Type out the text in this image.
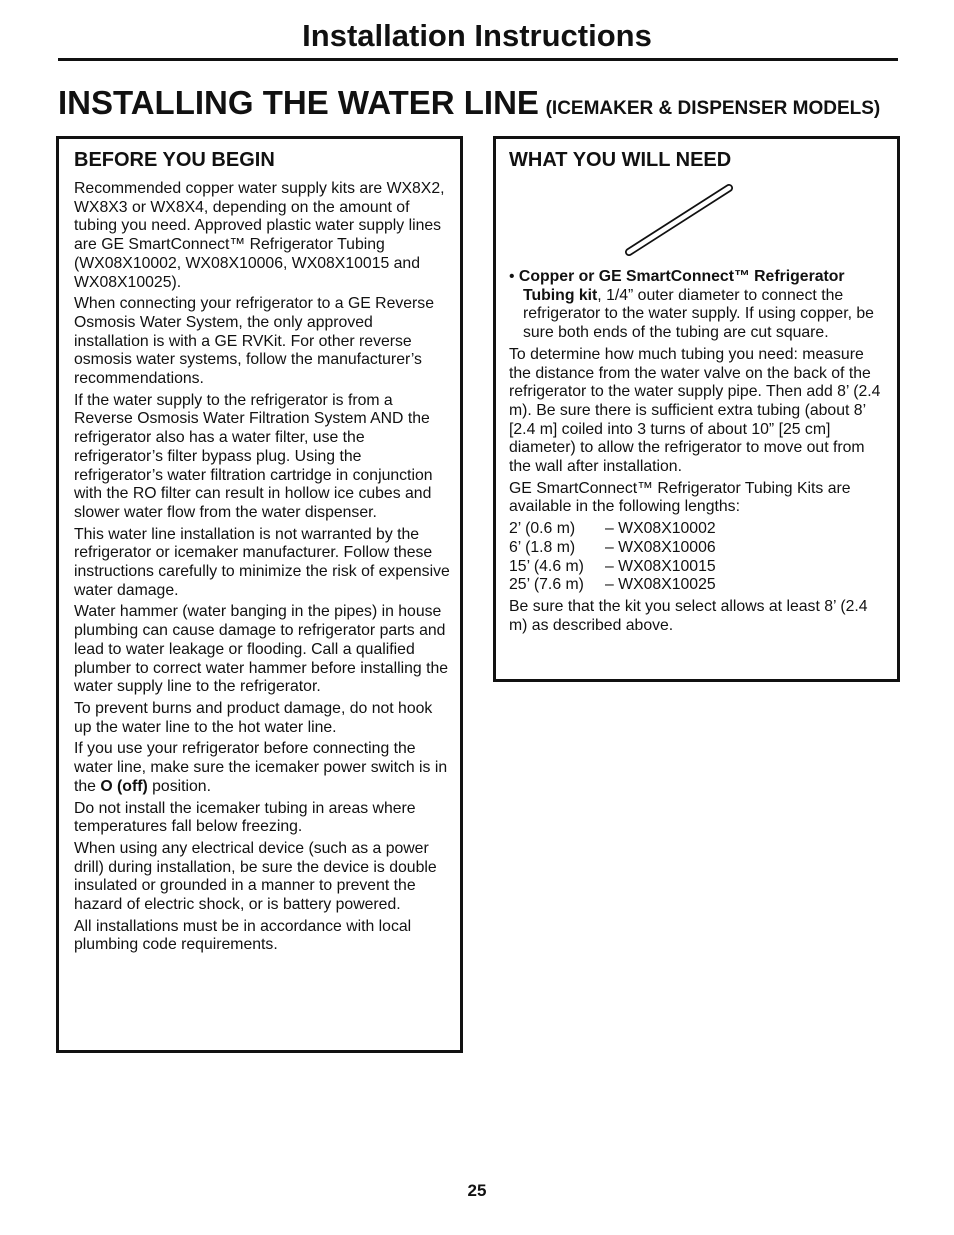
Installation Instructions
INSTALLING THE WATER LINE (ICEMAKER & DISPENSER MODELS)
BEFORE YOU BEGIN

Recommended copper water supply kits are WX8X2, WX8X3 or WX8X4, depending on the amount of tubing you need. Approved plastic water supply lines are GE SmartConnect™ Refrigerator Tubing (WX08X10002, WX08X10006, WX08X10015 and WX08X10025).

When connecting your refrigerator to a GE Reverse Osmosis Water System, the only approved installation is with a GE RVKit. For other reverse osmosis water systems, follow the manufacturer’s recommendations.

If the water supply to the refrigerator is from a Reverse Osmosis Water Filtration System AND the refrigerator also has a water filter, use the refrigerator’s filter bypass plug. Using the refrigerator’s water filtration cartridge in conjunction with the RO filter can result in hollow ice cubes and slower water flow from the water dispenser.

This water line installation is not warranted by the refrigerator or icemaker manufacturer. Follow these instructions carefully to minimize the risk of expensive water damage.

Water hammer (water banging in the pipes) in house plumbing can cause damage to refrigerator parts and lead to water leakage or flooding. Call a qualified plumber to correct water hammer before installing the water supply line to the refrigerator.

To prevent burns and product damage, do not hook up the water line to the hot water line.

If you use your refrigerator before connecting the water line, make sure the icemaker power switch is in the O (off) position.

Do not install the icemaker tubing in areas where temperatures fall below freezing.

When using any electrical device (such as a power drill) during installation, be sure the device is double insulated or grounded in a manner to prevent the hazard of electric shock, or is battery powered.

All installations must be in accordance with local plumbing code requirements.

WHAT YOU WILL NEED

• Copper or GE SmartConnect™ Refrigerator Tubing kit, 1/4” outer diameter to connect the refrigerator to the water supply. If using copper, be sure both ends of the tubing are cut square.

To determine how much tubing you need: measure the distance from the water valve on the back of the refrigerator to the water supply pipe. Then add 8’ (2.4 m). Be sure there is sufficient extra tubing (about 8’ [2.4 m] coiled into 3 turns of about 10” [25 cm] diameter) to allow the refrigerator to move out from the wall after installation.

GE SmartConnect™ Refrigerator Tubing Kits are available in the following lengths:

2’ (0.6 m)	– WX08X10002
6’ (1.8 m)	– WX08X10006
15’ (4.6 m)	– WX08X10015
25’ (7.6 m)	– WX08X10025

Be sure that the kit you select allows at least 8’ (2.4 m) as described above.

25
